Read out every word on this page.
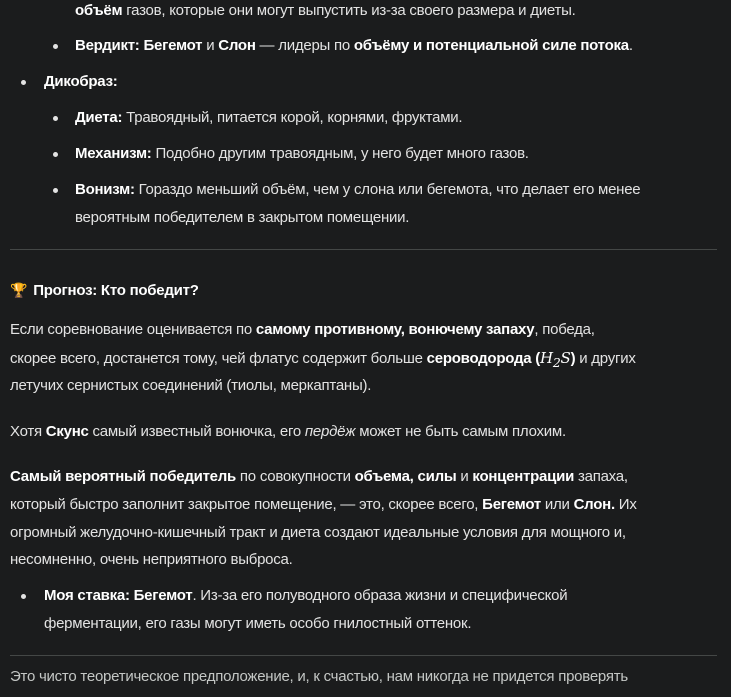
объём газов, которые они могут выпустить из-за своего размера и диеты.
Вердикт: Бегемот и Слон — лидеры по объёму и потенциальной силе потока.
Дикобраз:
Диета: Травоядный, питается корой, корнями, фруктами.
Механизм: Подобно другим травоядным, у него будет много газов.
Вонизм: Гораздо меньший объём, чем у слона или бегемота, что делает его менее
вероятным победителем в закрытом помещении.
🏆 Прогноз: Кто победит?
Если соревнование оценивается по самому противному, вонючему запаху, победа,
скорее всего, достанется тому, чей флатус содержит больше сероводорода $(H_2S)$ и других
летучих сернистых соединений (тиолы, меркаптаны).
Хотя Скунс самый известный вонючка, его пердёж может не быть самым плохим.
Самый вероятный победитель по совокупности объема, силы и концентрации запаха,
который быстро заполнит закрытое помещение, — это, скорее всего, Бегемот или Слон. Их
огромный желудочно-кишечный тракт и диета создают идеальные условия для мощного и,
несомненно, очень неприятного выброса.
Моя ставка: Бегемот. Из-за его полуводного образа жизни и специфической
ферментации, его газы могут иметь особо гнилостный оттенок.
Это чисто теоретическое предположение, и, к счастью, нам никогда не придется проверять
